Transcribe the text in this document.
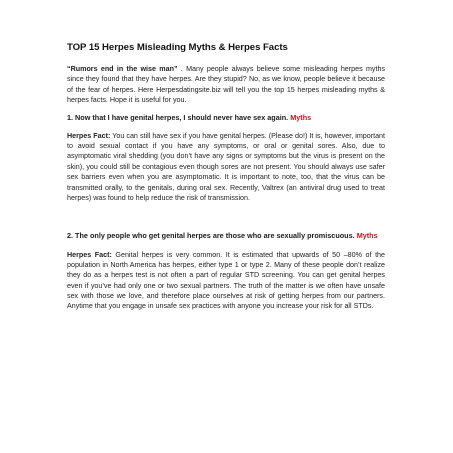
TOP 15 Herpes Misleading Myths & Herpes Facts

“Rumors end in the wise man” . Many people always believe some misleading herpes myths since they found that they have herpes. Are they stupid? No, as we know, people believe it because of the fear of herpes. Here Herpesdatingsite.biz will tell you the top 15 herpes misleading myths & herpes facts. Hope it is useful for you.

1. Now that I have genital herpes, I should never have sex again. Myths

Herpes Fact: You can still have sex if you have genital herpes. (Please do!) It is, however, important to avoid sexual contact if you have any symptoms, or oral or genital sores. Also, due to asymptomatic viral shedding (you don’t have any signs or symptoms but the virus is present on the skin), you could still be contagious even though sores are not present. You should always use safer sex barriers even when you are asymptomatic. It is important to note, too, that the virus can be transmitted orally, to the genitals, during oral sex. Recently, Valtrex (an antiviral drug used to treat herpes) was found to help reduce the risk of transmission.

2. The only people who get genital herpes are those who are sexually promiscuous. Myths

Herpes Fact: Genital herpes is very common. It is estimated that upwards of 50 –80% of the population in North America has herpes, either type 1 or type 2. Many of these people don’t realize they do as a herpes test is not often a part of regular STD screening. You can get genital herpes even if you’ve had only one or two sexual partners. The truth of the matter is we often have unsafe sex with those we love, and therefore place ourselves at risk of getting herpes from our partners. Anytime that you engage in unsafe sex practices with anyone you increase your risk for all STDs.
